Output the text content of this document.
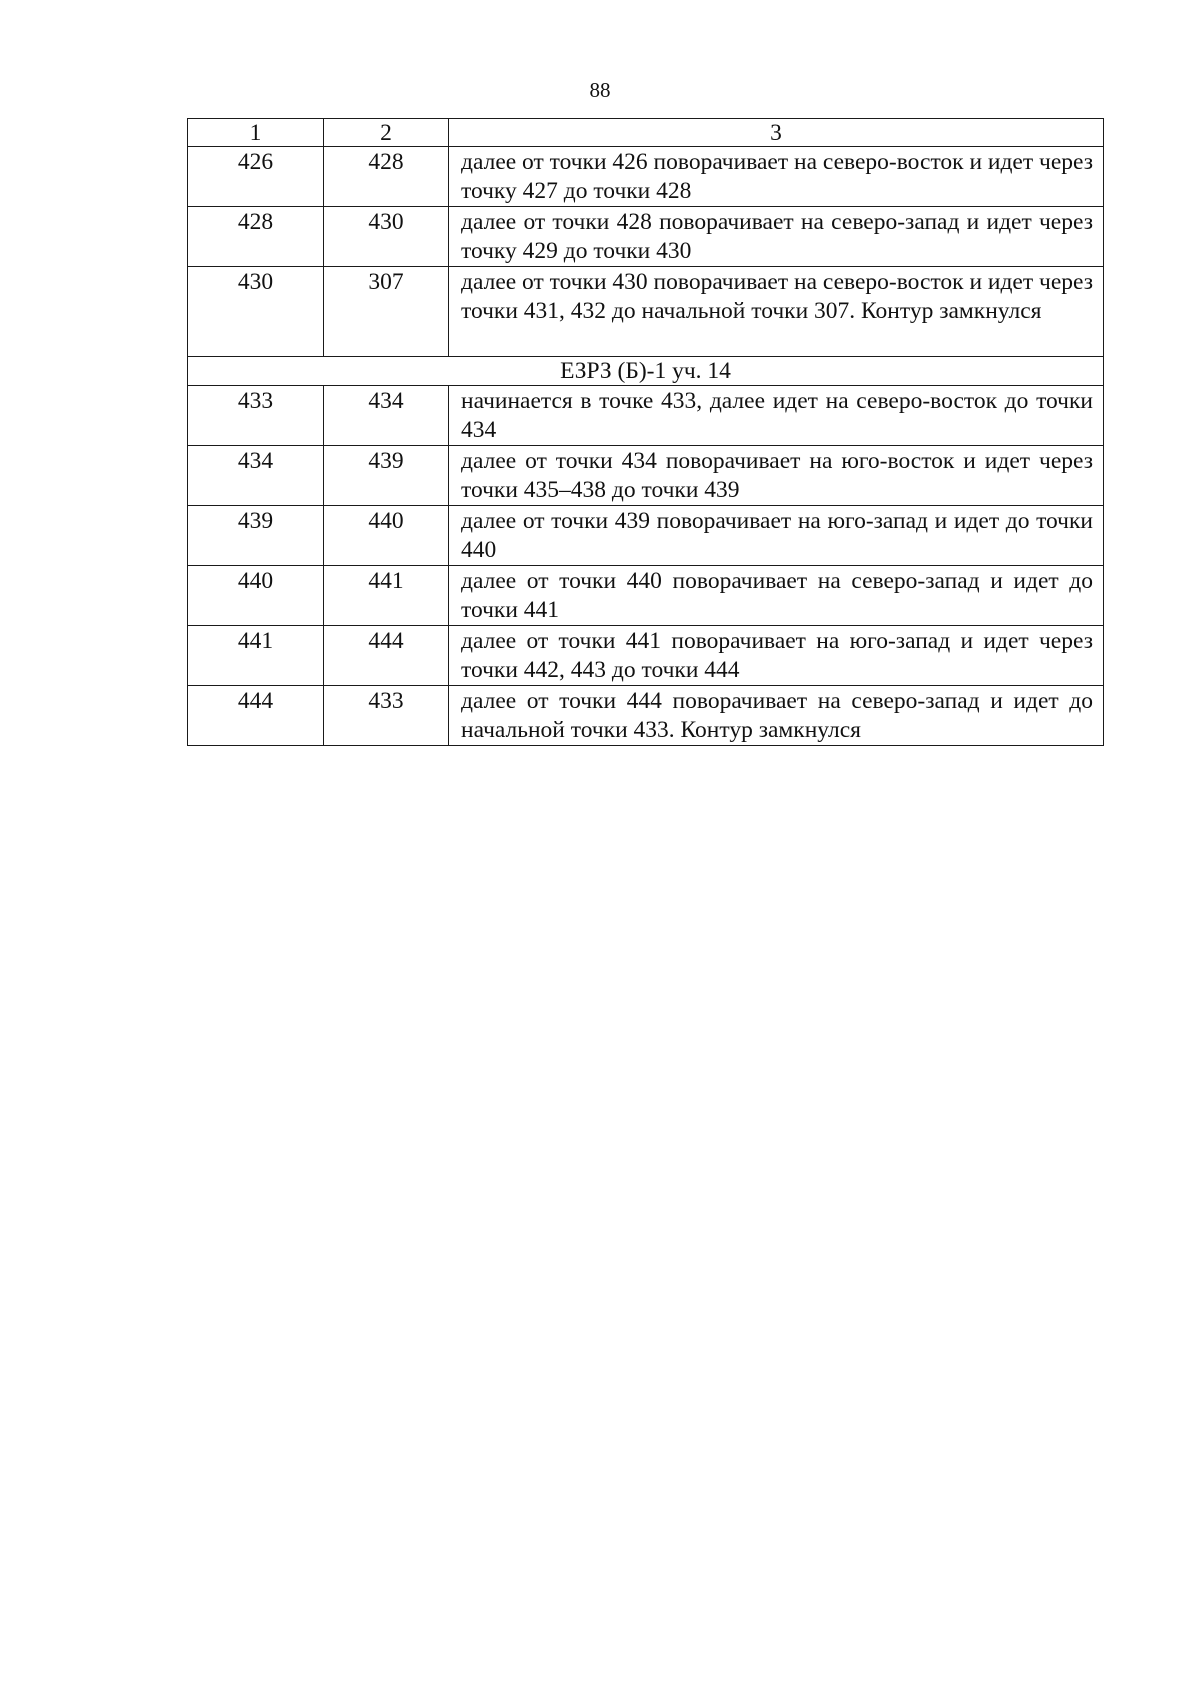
88
1	2	3
426	428	далее от точки 426 поворачивает на северо-восток и идет через точку 427 до точки 428
428	430	далее от точки 428 поворачивает на северо-запад и идет через точку 429 до точки 430
430	307	далее от точки 430 поворачивает на северо-восток и идет через точки 431, 432 до начальной точки 307. Контур замкнулся
ЕЗРЗ (Б)-1 уч. 14		
433	434	начинается в точке 433, далее идет на северо-восток до точки 434
434	439	далее от точки 434 поворачивает на юго-восток и идет через точки 435–438 до точки 439
439	440	далее от точки 439 поворачивает на юго-запад и идет до точки 440
440	441	далее от точки 440 поворачивает на северо-запад и идет до точки 441
441	444	далее от точки 441 поворачивает на юго-запад и идет через точки 442, 443 до точки 444
444	433	далее от точки 444 поворачивает на северо-запад и идет до начальной точки 433. Контур замкнулся
